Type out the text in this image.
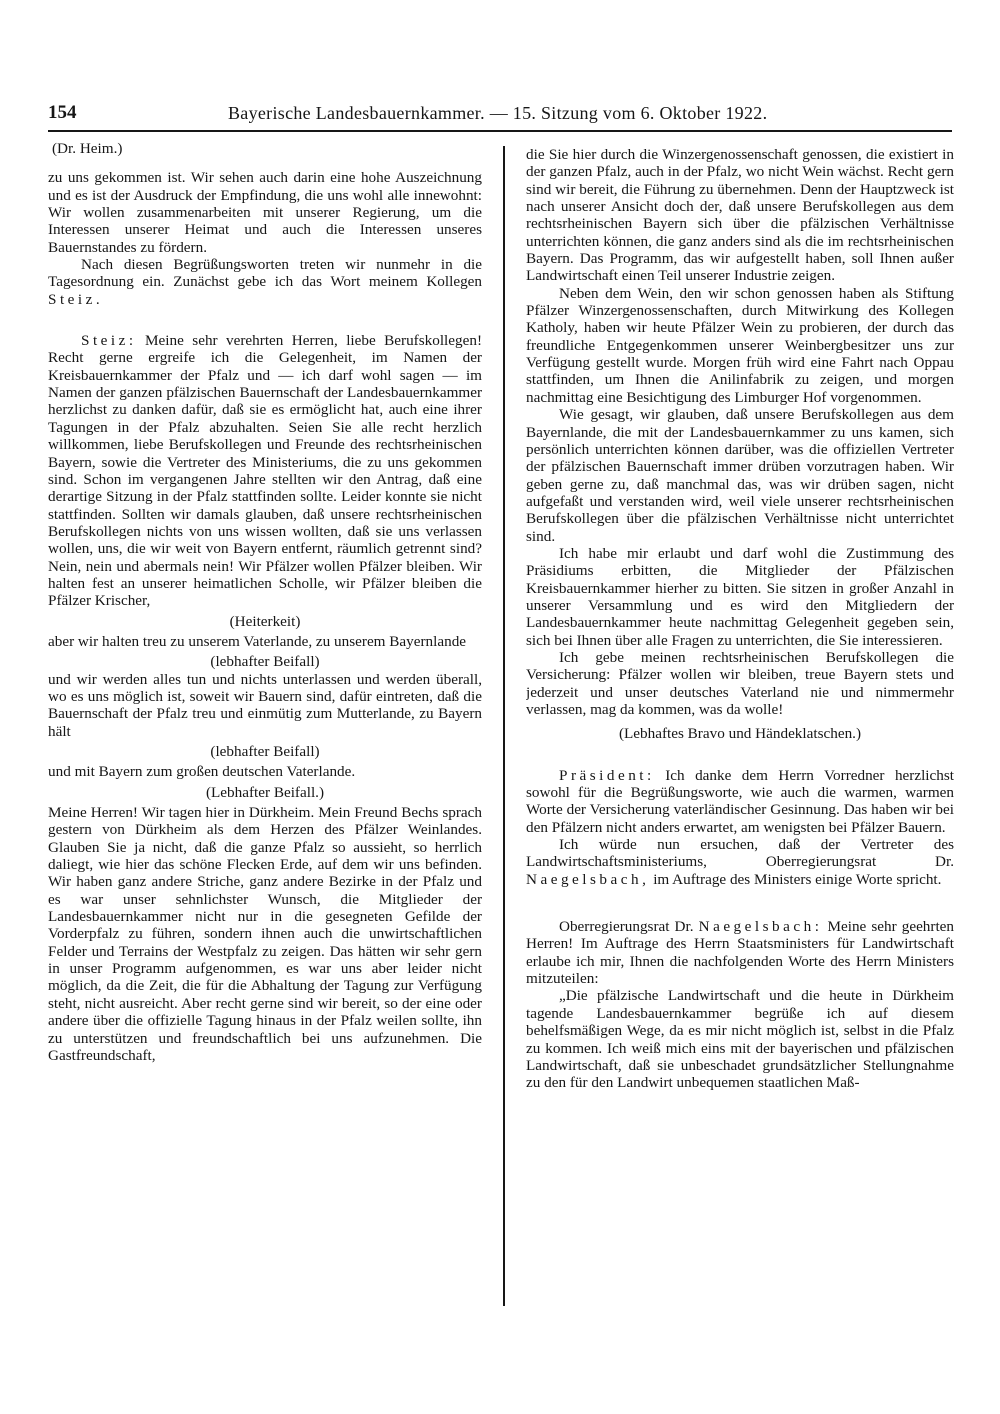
154	Bayerische Landesbauernkammer. — 15. Sitzung vom 6. Oktober 1922.

(Dr. Heim.)

zu uns gekommen ist. Wir sehen auch darin eine hohe Auszeichnung und es ist der Ausdruck der Empfindung, die uns wohl alle innewohnt: Wir wollen zusammenarbeiten mit unserer Regierung, um die Interessen unserer Heimat und auch die Interessen unseres Bauernstandes zu fördern.

Nach diesen Begrüßungsworten treten wir nunmehr in die Tagesordnung ein. Zunächst gebe ich das Wort meinem Kollegen Steiz.

Steiz: Meine sehr verehrten Herren, liebe Berufskollegen! Recht gerne ergreife ich die Gelegenheit, im Namen der Kreisbauernkammer der Pfalz und — ich darf wohl sagen — im Namen der ganzen pfälzischen Bauernschaft der Landesbauernkammer herzlichst zu danken dafür, daß sie es ermöglicht hat, auch eine ihrer Tagungen in der Pfalz abzuhalten. Seien Sie alle recht herzlich willkommen, liebe Berufskollegen und Freunde des rechtsrheinischen Bayern, sowie die Vertreter des Ministeriums, die zu uns gekommen sind. Schon im vergangenen Jahre stellten wir den Antrag, daß eine derartige Sitzung in der Pfalz stattfinden sollte. Leider konnte sie nicht stattfinden. Sollten wir damals glauben, daß unsere rechtsrheinischen Berufskollegen nichts von uns wissen wollten, daß sie uns verlassen wollen, uns, die wir weit von Bayern entfernt, räumlich getrennt sind? Nein, nein und abermals nein! Wir Pfälzer wollen Pfälzer bleiben. Wir halten fest an unserer heimatlichen Scholle, wir Pfälzer bleiben die Pfälzer Krischer,

(Heiterkeit)

aber wir halten treu zu unserem Vaterlande, zu unserem Bayernlande

(lebhafter Beifall)

und wir werden alles tun und nichts unterlassen und werden überall, wo es uns möglich ist, soweit wir Bauern sind, dafür eintreten, daß die Bauernschaft der Pfalz treu und einmütig zum Mutterlande, zu Bayern hält

(lebhafter Beifall)

und mit Bayern zum großen deutschen Vaterlande.

(Lebhafter Beifall.)

Meine Herren! Wir tagen hier in Dürkheim. Mein Freund Bechs sprach gestern von Dürkheim als dem Herzen des Pfälzer Weinlandes. Glauben Sie ja nicht, daß die ganze Pfalz so aussieht, so herrlich daliegt, wie hier das schöne Flecken Erde, auf dem wir uns befinden. Wir haben ganz andere Striche, ganz andere Bezirke in der Pfalz und es war unser sehnlichster Wunsch, die Mitglieder der Landesbauernkammer nicht nur in die gesegneten Gefilde der Vorderpfalz zu führen, sondern ihnen auch die unwirtschaftlichen Felder und Terrains der Westpfalz zu zeigen. Das hätten wir sehr gern in unser Programm aufgenommen, es war uns aber leider nicht möglich, da die Zeit, die für die Abhaltung der Tagung zur Verfügung steht, nicht ausreicht. Aber recht gerne sind wir bereit, so der eine oder andere über die offizielle Tagung hinaus in der Pfalz weilen sollte, ihn zu unterstützen und freundschaftlich bei uns aufzunehmen. Die Gastfreundschaft,

die Sie hier durch die Winzergenossenschaft genossen, die existiert in der ganzen Pfalz, auch in der Pfalz, wo nicht Wein wächst. Recht gern sind wir bereit, die Führung zu übernehmen. Denn der Hauptzweck ist nach unserer Ansicht doch der, daß unsere Berufskollegen aus dem rechtsrheinischen Bayern sich über die pfälzischen Verhältnisse unterrichten können, die ganz anders sind als die im rechtsrheinischen Bayern. Das Programm, das wir aufgestellt haben, soll Ihnen außer Landwirtschaft einen Teil unserer Industrie zeigen.

Neben dem Wein, den wir schon genossen haben als Stiftung Pfälzer Winzergenossenschaften, durch Mitwirkung des Kollegen Katholy, haben wir heute Pfälzer Wein zu probieren, der durch das freundliche Entgegenkommen unserer Weinbergbesitzer uns zur Verfügung gestellt wurde. Morgen früh wird eine Fahrt nach Oppau stattfinden, um Ihnen die Anilinfabrik zu zeigen, und morgen nachmittag eine Besichtigung des Limburger Hof vorgenommen.

Wie gesagt, wir glauben, daß unsere Berufskollegen aus dem Bayernlande, die mit der Landesbauernkammer zu uns kamen, sich persönlich unterrichten können darüber, was die offiziellen Vertreter der pfälzischen Bauernschaft immer drüben vorzutragen haben. Wir geben gerne zu, daß manchmal das, was wir drüben sagen, nicht aufgefaßt und verstanden wird, weil viele unserer rechtsrheinischen Berufskollegen über die pfälzischen Verhältnisse nicht unterrichtet sind.

Ich habe mir erlaubt und darf wohl die Zustimmung des Präsidiums erbitten, die Mitglieder der Pfälzischen Kreisbauernkammer hierher zu bitten. Sie sitzen in großer Anzahl in unserer Versammlung und es wird den Mitgliedern der Landesbauernkammer heute nachmittag Gelegenheit gegeben sein, sich bei Ihnen über alle Fragen zu unterrichten, die Sie interessieren.

Ich gebe meinen rechtsrheinischen Berufskollegen die Versicherung: Pfälzer wollen wir bleiben, treue Bayern stets und jederzeit und unser deutsches Vaterland nie und nimmermehr verlassen, mag da kommen, was da wolle!

(Lebhaftes Bravo und Händeklatschen.)

Präsident: Ich danke dem Herrn Vorredner herzlichst sowohl für die Begrüßungsworte, wie auch die warmen, warmen Worte der Versicherung vaterländischer Gesinnung. Das haben wir bei den Pfälzern nicht anders erwartet, am wenigsten bei Pfälzer Bauern.

Ich würde nun ersuchen, daß der Vertreter des Landwirtschaftsministeriums, Oberregierungsrat Dr. Naegelsbach, im Auftrage des Ministers einige Worte spricht.

Oberregierungsrat Dr. Naegelsbach: Meine sehr geehrten Herren! Im Auftrage des Herrn Staatsministers für Landwirtschaft erlaube ich mir, Ihnen die nachfolgenden Worte des Herrn Ministers mitzuteilen:

„Die pfälzische Landwirtschaft und die heute in Dürkheim tagende Landesbauernkammer begrüße ich auf diesem behelfsmäßigen Wege, da es mir nicht möglich ist, selbst in die Pfalz zu kommen. Ich weiß mich eins mit der bayerischen und pfälzischen Landwirtschaft, daß sie unbeschadet grundsätzlicher Stellungnahme zu den für den Landwirt unbequemen staatlichen Maß-
